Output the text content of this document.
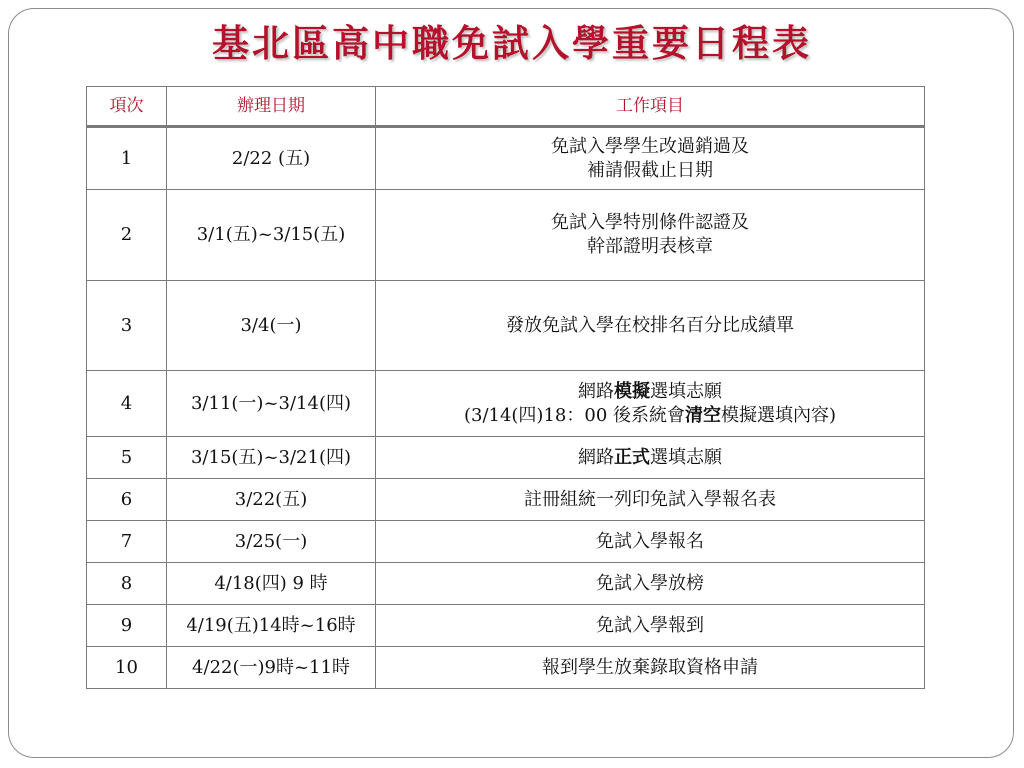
基北區高中職免試入學重要日程表
項次	辦理日期	工作項目
1	2/22 (五)	免試入學學生改過銷過及
補請假截止日期

2	3/1(五)~3/15(五)	免試入學特別條件認證及
幹部證明表核章

3	3/4(一)	發放免試入學在校排名百分比成績單
4	3/11(一)~3/14(四)	網路模擬選填志願
(3/14(四)18：00 後系統會清空模擬選填內容)

5	3/15(五)~3/21(四)	網路正式選填志願
6	3/22(五)	註冊組統一列印免試入學報名表
7	3/25(一)	免試入學報名
8	4/18(四) 9 時	免試入學放榜
9	4/19(五)14時~16時	免試入學報到
10	4/22(一)9時~11時	報到學生放棄錄取資格申請
